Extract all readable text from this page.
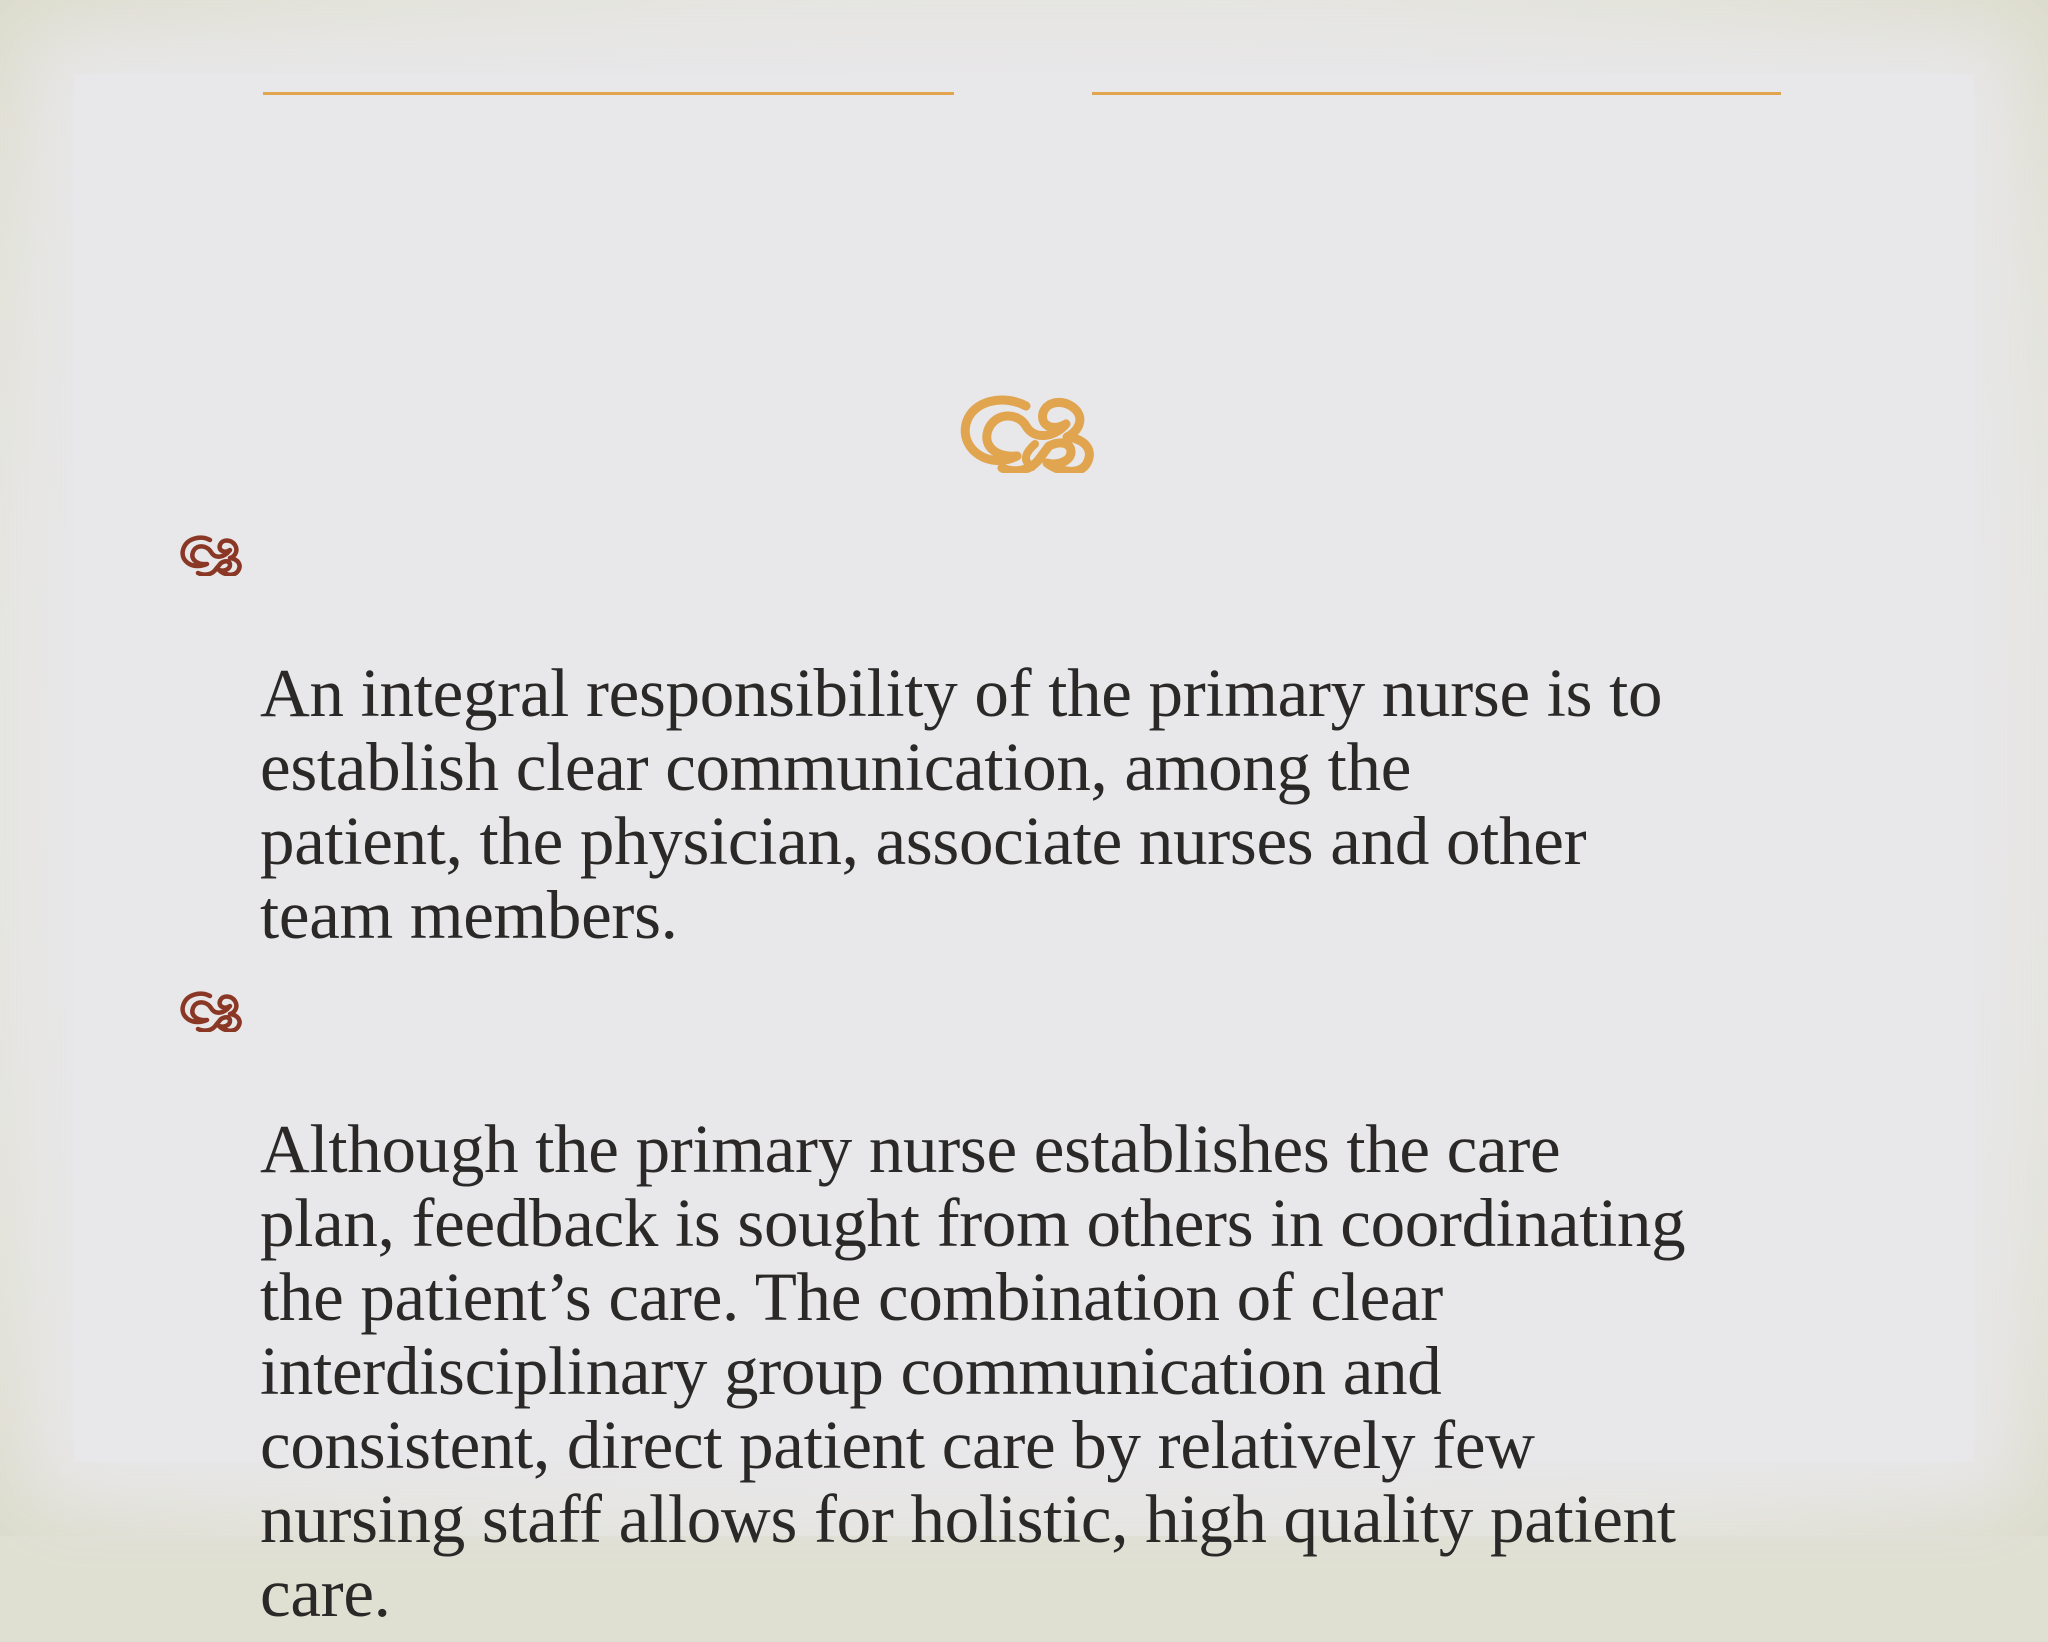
An integral responsibility of the primary nurse is to
establish clear communication, among the
patient, the physician, associate nurses and other
team members.

Although the primary nurse establishes the care
plan, feedback is sought from others in coordinating
the patient’s care. The combination of clear
interdisciplinary group communication and
consistent, direct patient care by relatively few
nursing staff allows for holistic, high quality patient
care.
